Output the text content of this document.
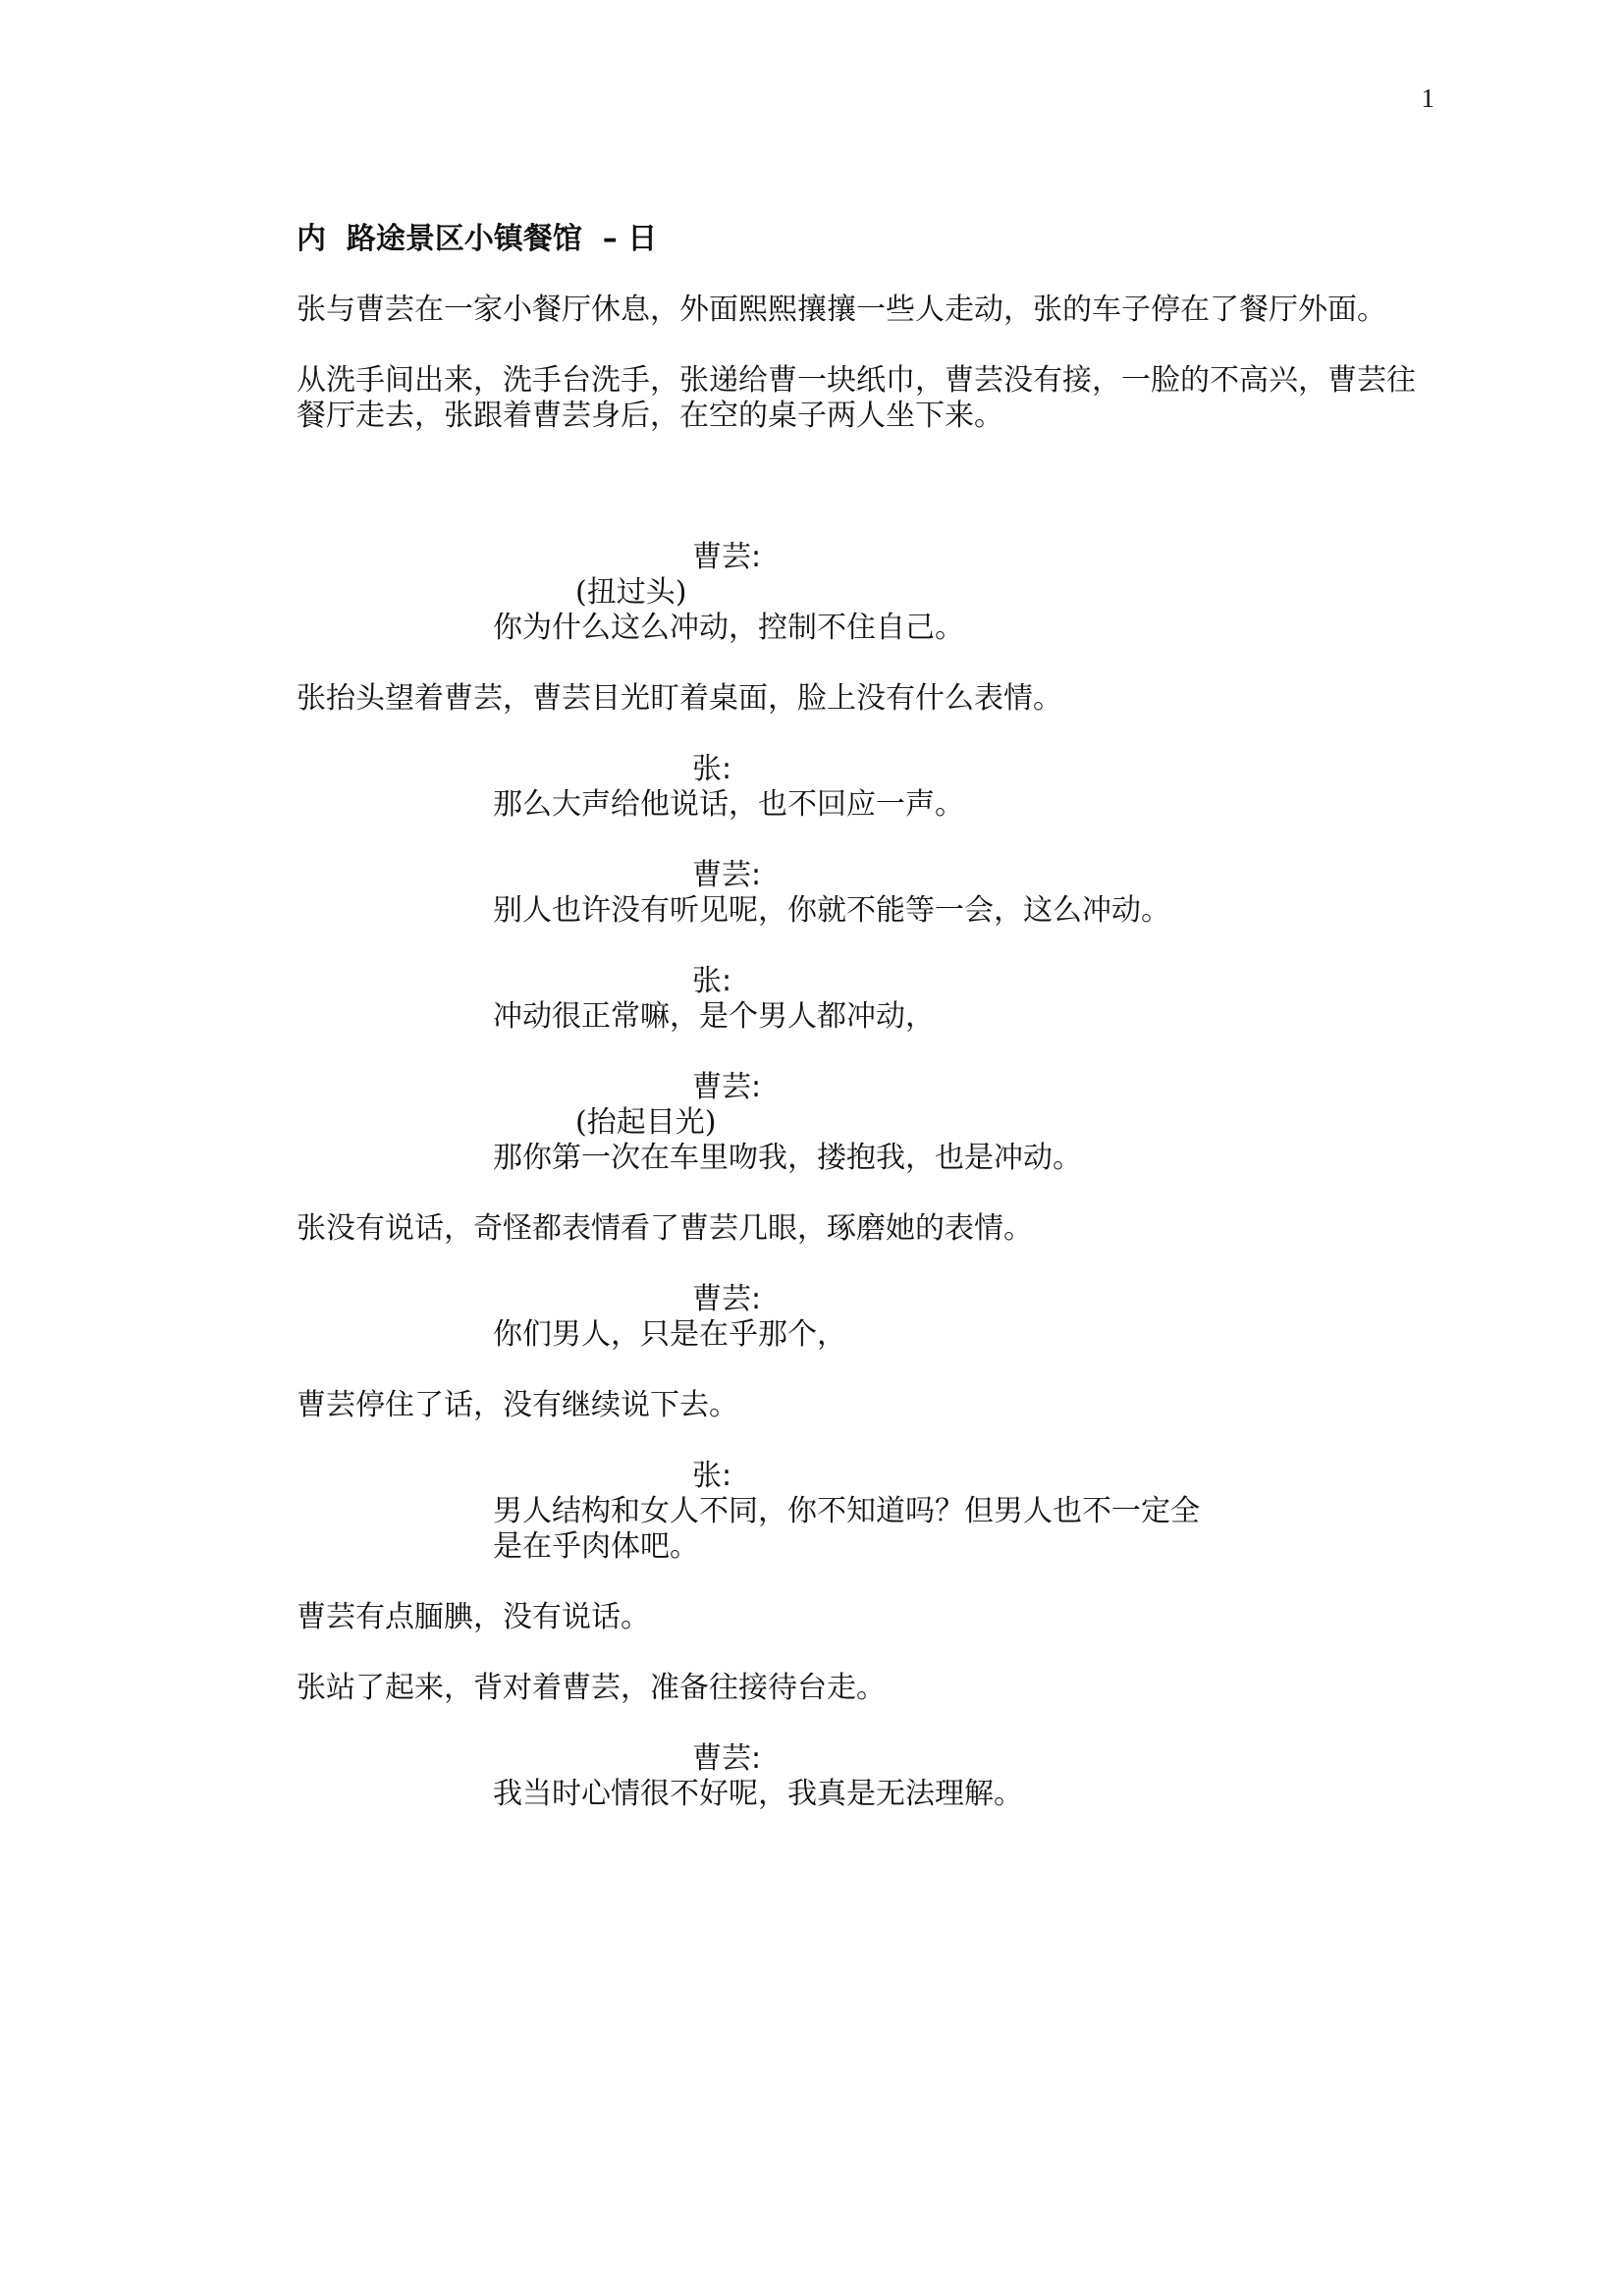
1
内  路途景区小镇餐馆  – 日

张与曹芸在一家小餐厅休息，外面熙熙攘攘一些人走动，张的车子停在了餐厅外面。

从洗手间出来，洗手台洗手，张递给曹一块纸巾，曹芸没有接，一脸的不高兴，曹芸往餐厅走去，张跟着曹芸身后，在空的桌子两人坐下来。

曹芸:
(扭过头)
你为什么这么冲动，控制不住自己。

张抬头望着曹芸，曹芸目光盯着桌面，脸上没有什么表情。

张:
那么大声给他说话，也不回应一声。
曹芸:
别人也许没有听见呢，你就不能等一会，这么冲动。
张:
冲动很正常嘛，是个男人都冲动，
曹芸:
(抬起目光)
那你第一次在车里吻我，搂抱我，也是冲动。

张没有说话，奇怪都表情看了曹芸几眼，琢磨她的表情。

曹芸:
你们男人，只是在乎那个，

曹芸停住了话，没有继续说下去。

张:
男人结构和女人不同，你不知道吗？但男人也不一定全是在乎肉体吧。

曹芸有点腼腆，没有说话。

张站了起来，背对着曹芸，准备往接待台走。

曹芸:
我当时心情很不好呢，我真是无法理解。
